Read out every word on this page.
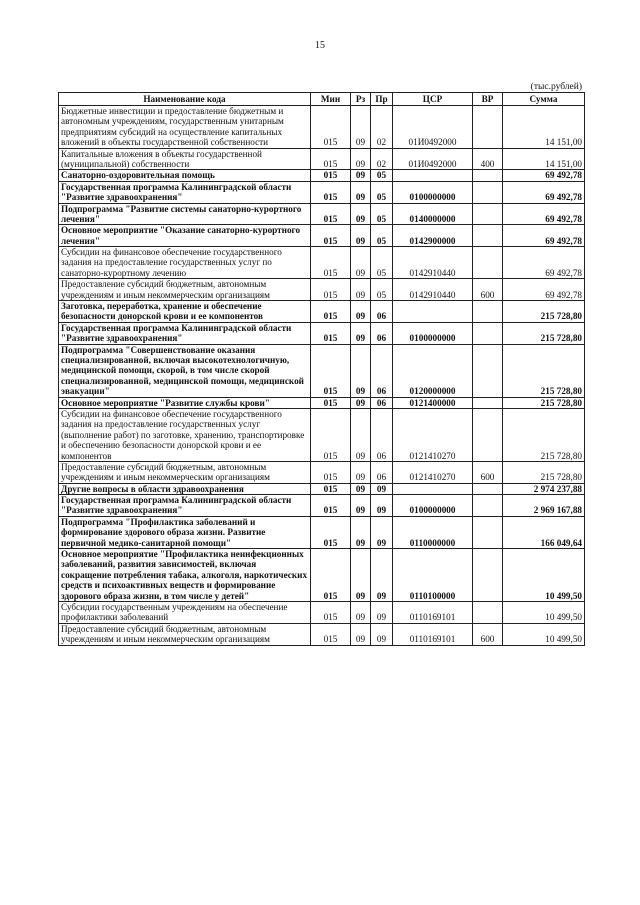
15
(тыс.рублей)
Наименование кода	Мин	Рз	Пр	ЦСР	ВР	Сумма
Бюджетные инвестиции и предоставление бюджетным и автономным учреждениям, государственным унитарным предприятиям субсидий на осуществление капитальных вложений в объекты государственной собственности	015	09	02	01И0492000		14 151,00
Капитальные вложения в объекты государственной (муниципальной) собственности	015	09	02	01И0492000	400	14 151,00
Санаторно-оздоровительная помощь	015	09	05			69 492,78
Государственная программа Калининградской области "Развитие здравоохранения"	015	09	05	0100000000		69 492,78
Подпрограмма "Развитие системы санаторно-курортного лечения"	015	09	05	0140000000		69 492,78
Основное мероприятие "Оказание санаторно-курортного лечения"	015	09	05	0142900000		69 492,78
Субсидии на финансовое обеспечение государственного задания на предоставление государственных услуг по санаторно-курортному лечению	015	09	05	0142910440		69 492,78
Предоставление субсидий бюджетным, автономным учреждениям и иным некоммерческим организациям	015	09	05	0142910440	600	69 492,78
Заготовка, переработка, хранение и обеспечение безопасности донорской крови и ее компонентов	015	09	06			215 728,80
Государственная программа Калининградской области "Развитие здравоохранения"	015	09	06	0100000000		215 728,80
Подпрограмма "Совершенствование оказания специализированной, включая высокотехнологичную, медицинской помощи, скорой, в том числе скорой специализированной, медицинской помощи, медицинской эвакуации"	015	09	06	0120000000		215 728,80
Основное мероприятие "Развитие службы крови"	015	09	06	0121400000		215 728,80
Субсидии на финансовое обеспечение государственного задания на предоставление государственных услуг (выполнение работ) по заготовке, хранению, транспортировке и обеспечению безопасности донорской крови и ее компонентов	015	09	06	0121410270		215 728,80
Предоставление субсидий бюджетным, автономным учреждениям и иным некоммерческим организациям	015	09	06	0121410270	600	215 728,80
Другие вопросы в области здравоохранения	015	09	09			2 974 237,88
Государственная программа Калининградской области "Развитие здравоохранения"	015	09	09	0100000000		2 969 167,88
Подпрограмма "Профилактика заболеваний и формирование здорового образа жизни. Развитие первичной медико-санитарной помощи"	015	09	09	0110000000		166 049,64
Основное мероприятие "Профилактика неинфекционных заболеваний, развития зависимостей, включая сокращение потребления табака, алкоголя, наркотических средств и психоактивных веществ и формирование здорового образа жизни, в том числе у детей"	015	09	09	0110100000		10 499,50
Субсидии государственным учреждениям на обеспечение профилактики заболеваний	015	09	09	0110169101		10 499,50
Предоставление субсидий бюджетным, автономным учреждениям и иным некоммерческим организациям	015	09	09	0110169101	600	10 499,50
